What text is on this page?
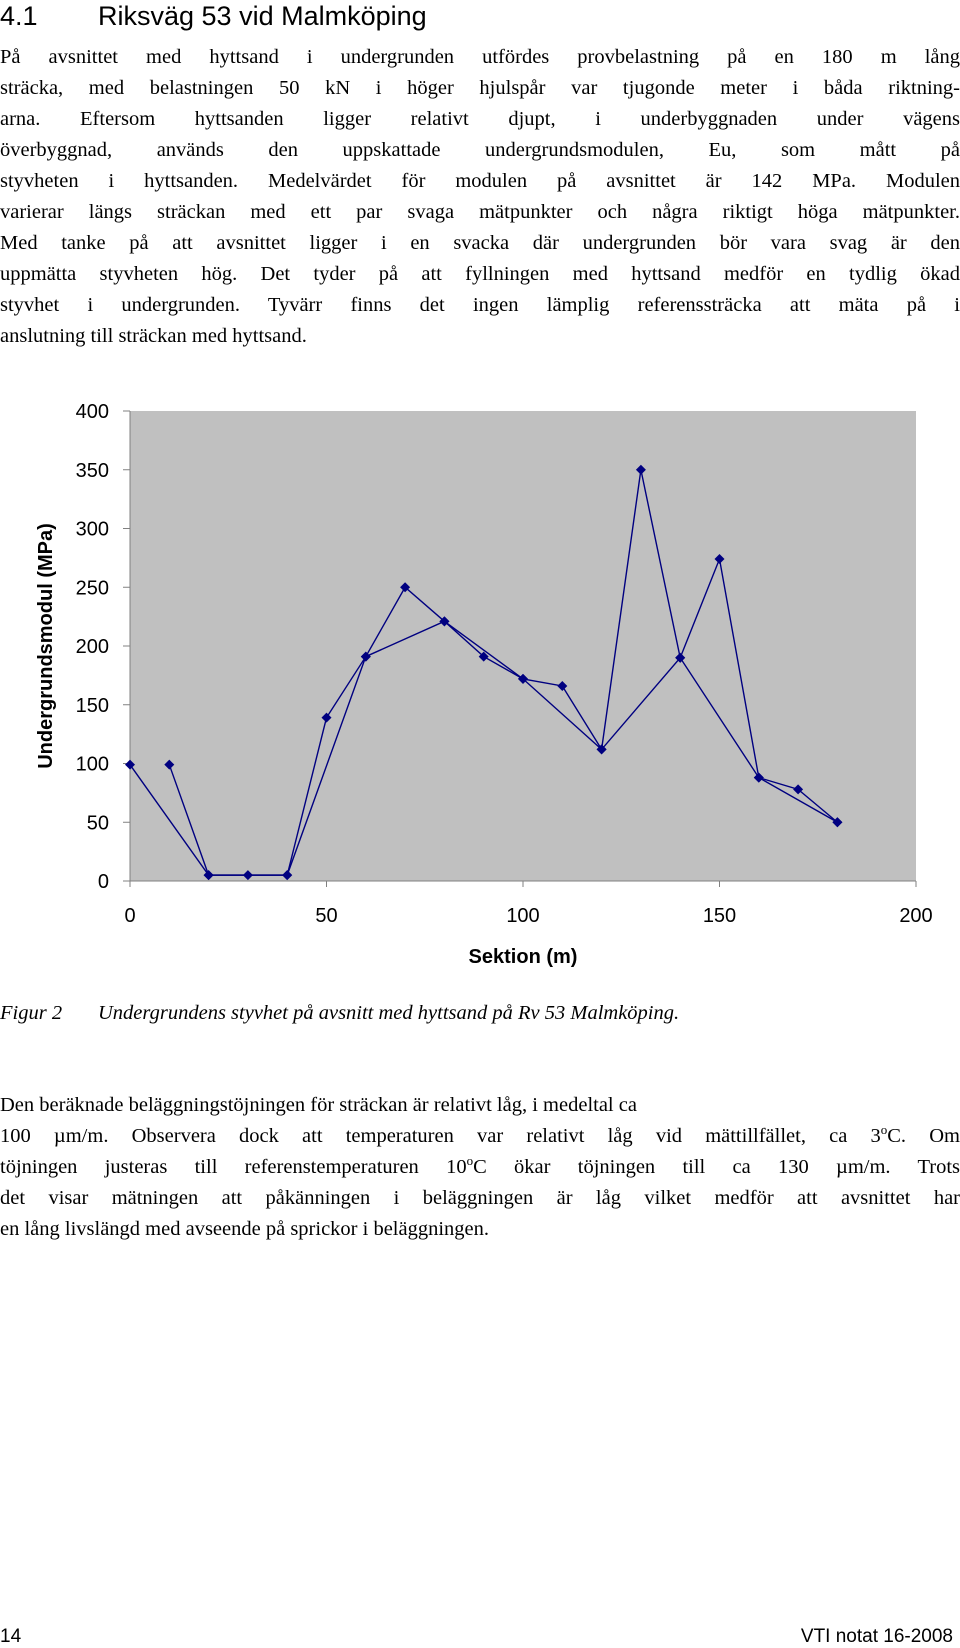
4.1 Riksväg 53 vid Malmköping
På avsnittet med hyttsand i undergrunden utfördes provbelastning på en 180 m lång
sträcka, med belastningen 50 kN i höger hjulspår var tjugonde meter i båda riktning-
arna. Eftersom hyttsanden ligger relativt djupt, i underbyggnaden under vägens
överbyggnad, används den uppskattade undergrundsmodulen, Eu, som mått på
styvheten i hyttsanden. Medelvärdet för modulen på avsnittet är 142 MPa. Modulen
varierar längs sträckan med ett par svaga mätpunkter och några riktigt höga mätpunkter.
Med tanke på att avsnittet ligger i en svacka där undergrunden bör vara svag är den
uppmätta styvheten hög. Det tyder på att fyllningen med hyttsand medför en tydlig ökad
styvhet i undergrunden. Tyvärr finns det ingen lämplig referenssträcka att mäta på i
anslutning till sträckan med hyttsand.
0
50
100
150
200
250
300
350
400
0	50	100	150	200
Sektion (m)
Undergrundsmodul (MPa)
Figur 2 Undergrundens styvhet på avsnitt med hyttsand på Rv 53 Malmköping.
Den beräknade beläggningstöjningen för sträckan är relativt låg, i medeltal ca
100 µm/m. Observera dock att temperaturen var relativt låg vid mättillfället, ca 3$^o$C. Om
töjningen justeras till referenstemperaturen 10$^o$C ökar töjningen till ca 130 µm/m. Trots
det visar mätningen att påkänningen i beläggningen är låg vilket medför att avsnittet har
en lång livslängd med avseende på sprickor i beläggningen.
14	VTI notat 16-2008
